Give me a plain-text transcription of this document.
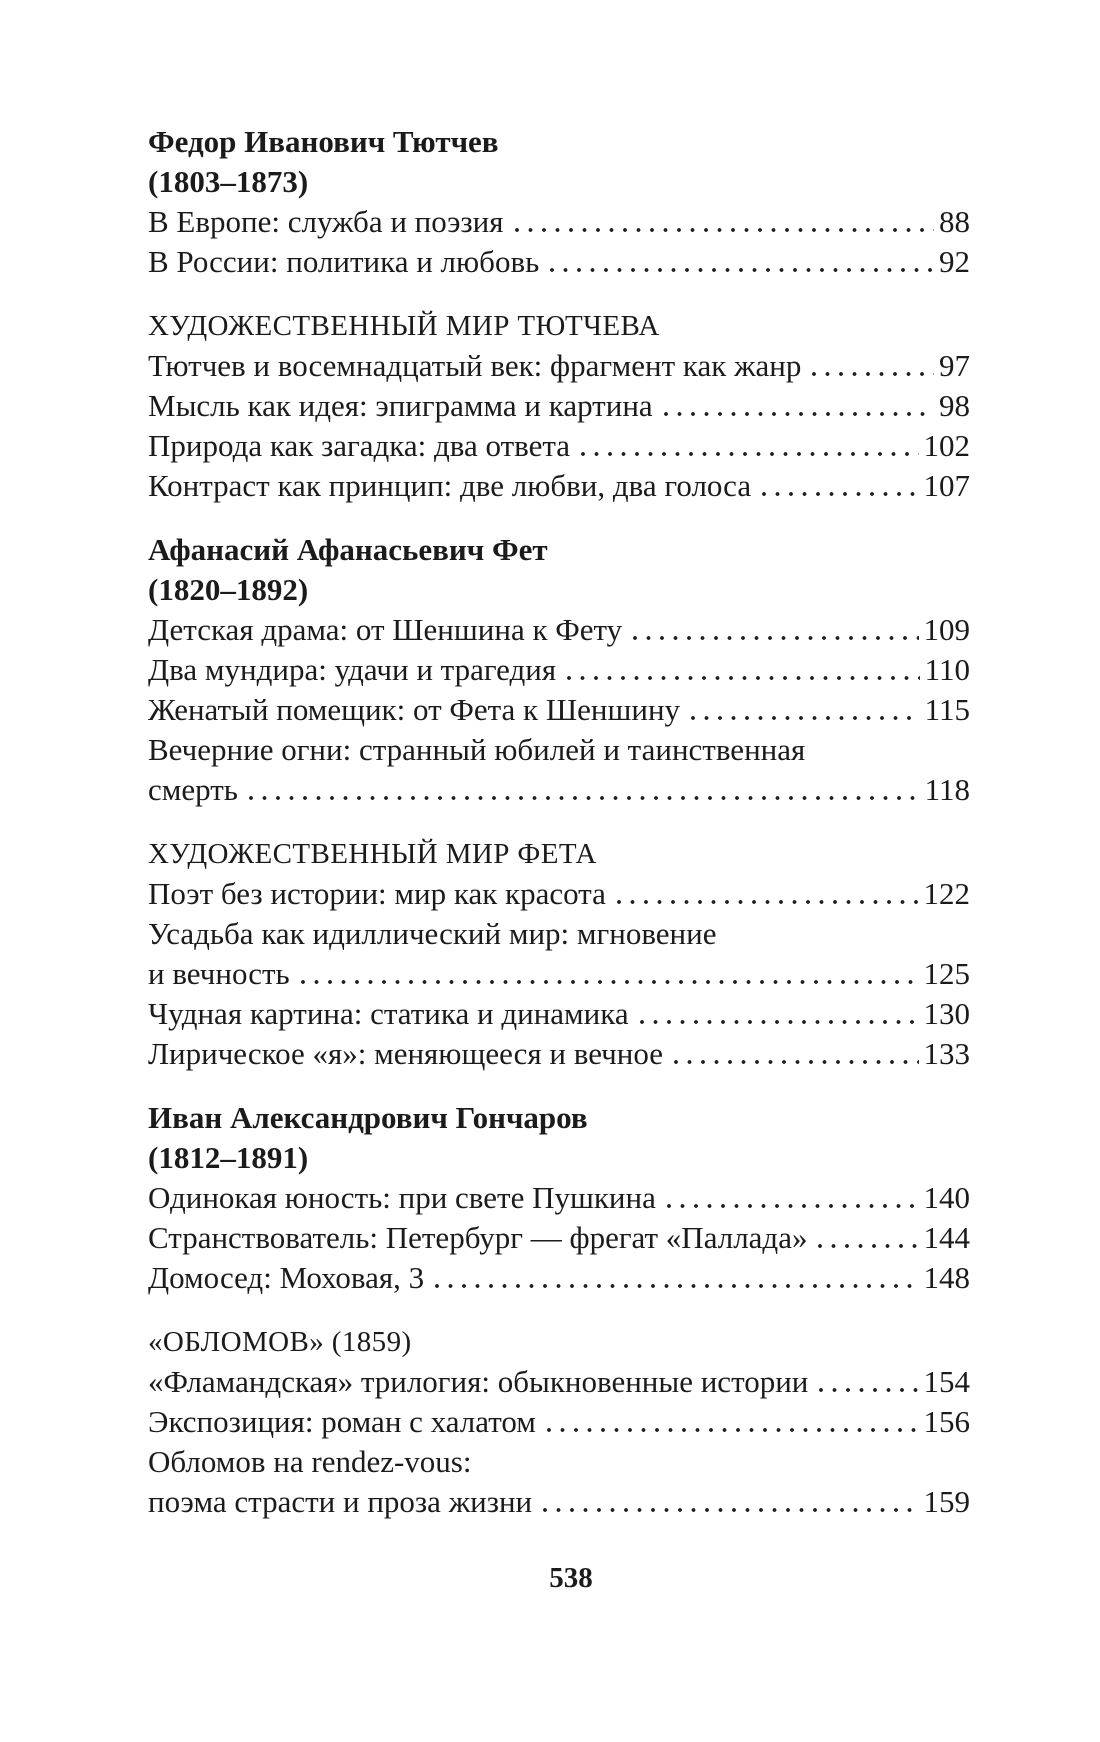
Федор Иванович Тютчев
(1803–1873)
В Европе: служба и поэзия	88
В России: политика и любовь	92
ХУДОЖЕСТВЕННЫЙ МИР ТЮТЧЕВА
Тютчев и восемнадцатый век: фрагмент как жанр	97
Мысль как идея: эпиграмма и картина	98
Природа как загадка: два ответа	102
Контраст как принцип: две любви, два голоса	107
Афанасий Афанасьевич Фет
(1820–1892)
Детская драма: от Шеншина к Фету	109
Два мундира: удачи и трагедия	110
Женатый помещик: от Фета к Шеншину	115
Вечерние огни: странный юбилей и таинственная
смерть	118
ХУДОЖЕСТВЕННЫЙ МИР ФЕТА
Поэт без истории: мир как красота	122
Усадьба как идиллический мир: мгновение
и вечность	125
Чудная картина: статика и динамика	130
Лирическое «я»: меняющееся и вечное	133
Иван Александрович Гончаров
(1812–1891)
Одинокая юность: при свете Пушкина	140
Странствователь: Петербург — фрегат «Паллада»	144
Домосед: Моховая, 3	148
«ОБЛОМОВ» (1859)
«Фламандская» трилогия: обыкновенные истории	154
Экспозиция: роман с халатом	156
Обломов на rendez-vous:
поэма страсти и проза жизни	159
538
